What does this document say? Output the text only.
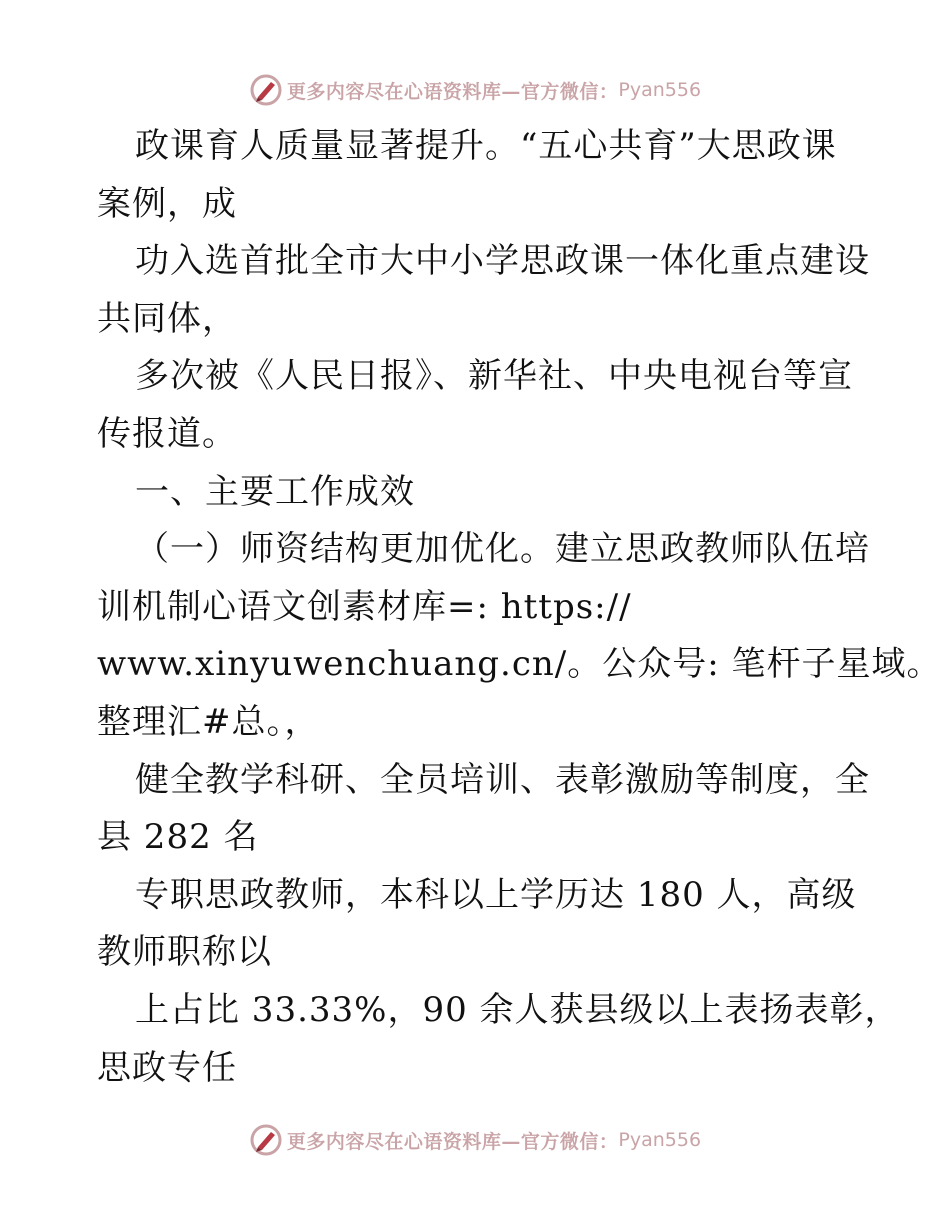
更多内容尽在心语资料库—官方微信： Pyan556
政课育人质量显著提升。“五心共育”大思政课
案例，成
功入选首批全市大中小学思政课一体化重点建设
共同体，
多次被《人民日报》、新华社、中央电视台等宣
传报道。
一、主要工作成效
（一）师资结构更加优化。建立思政教师队伍培
训机制心语文创素材库=: https://
www.xinyuwenchuang.cn/。公众号: 笔杆子星域。
整理汇#总。，
健全教学科研、全员培训、表彰激励等制度，全
县 282 名
专职思政教师，本科以上学历达 180 人，高级
教师职称以
上占比 33.33%，90 余人获县级以上表扬表彰，
思政专任
更多内容尽在心语资料库—官方微信： Pyan556
